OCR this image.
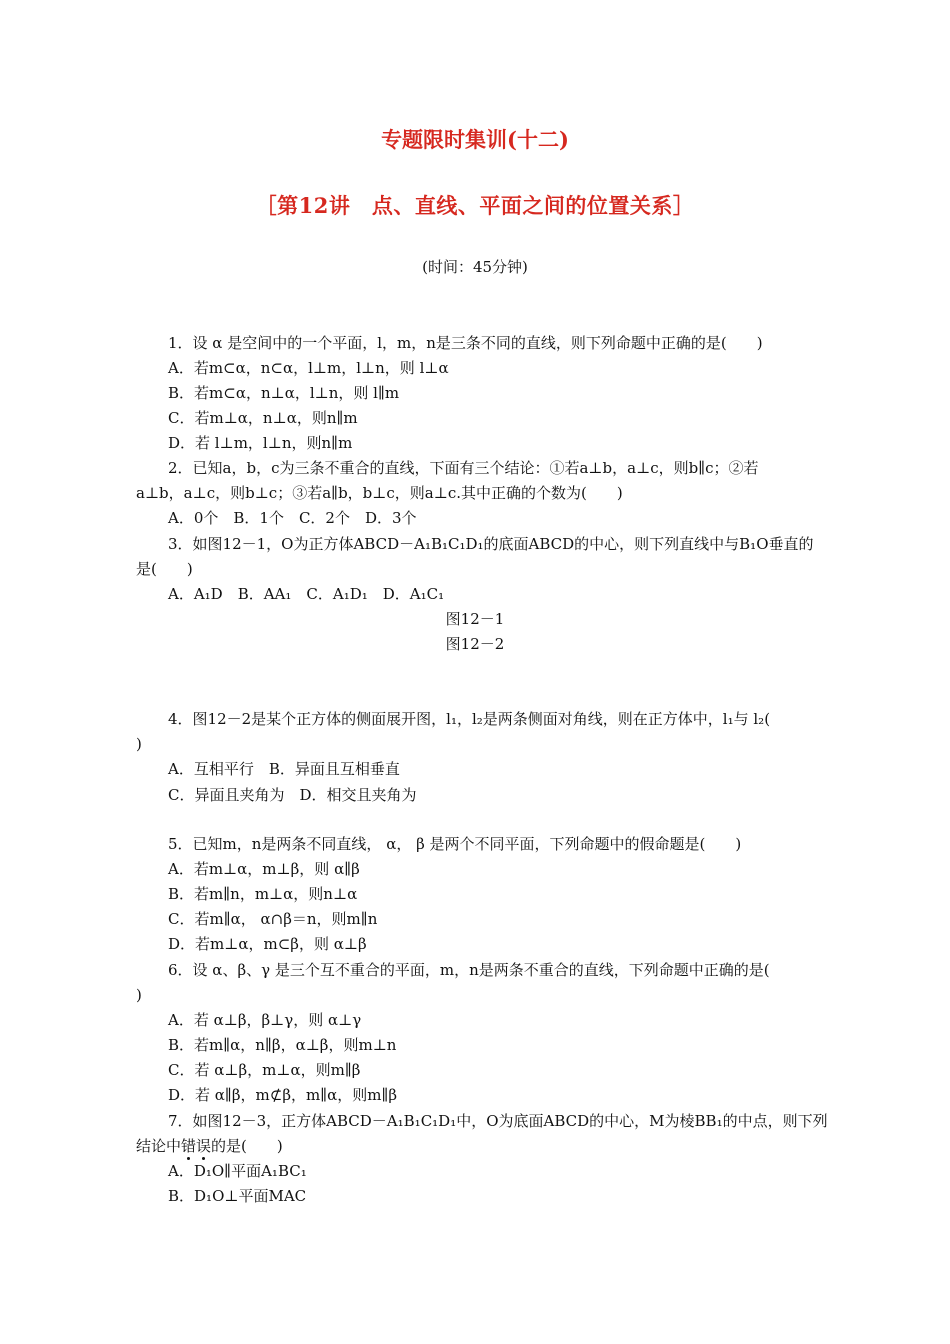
专题限时集训(十二)
［第12讲　点、直线、平面之间的位置关系］
(时间：45分钟)
1．设 α 是空间中的一个平面，l，m，n是三条不同的直线，则下列命题中正确的是(　　)
A．若m⊂α，n⊂α，l⊥m，l⊥n，则 l⊥α
B．若m⊂α，n⊥α，l⊥n，则 l∥m
C．若m⊥α，n⊥α，则n∥m
D．若 l⊥m，l⊥n，则n∥m
2．已知a，b，c为三条不重合的直线，下面有三个结论：①若a⊥b，a⊥c，则b∥c；②若
a⊥b，a⊥c，则b⊥c；③若a∥b，b⊥c，则a⊥c.其中正确的个数为(　　)
A．0个　B．1个　C．2个　D．3个
3．如图12－1，O为正方体ABCD－A₁B₁C₁D₁的底面ABCD的中心，则下列直线中与B₁O垂直的
是(　　)
A．A₁D　B．AA₁　C．A₁D₁　D．A₁C₁
4．图12－2是某个正方体的侧面展开图，l₁，l₂是两条侧面对角线，则在正方体中，l₁与 l₂(
)
A．互相平行　B．异面且互相垂直
C．异面且夹角为　D．相交且夹角为
5．已知m，n是两条不同直线， α， β 是两个不同平面，下列命题中的假命题是(　　)
A．若m⊥α，m⊥β，则 α∥β
B．若m∥n，m⊥α，则n⊥α
C．若m∥α， α∩β＝n，则m∥n
D．若m⊥α，m⊂β，则 α⊥β
6．设 α、β、γ 是三个互不重合的平面，m，n是两条不重合的直线，下列命题中正确的是(
)
A．若 α⊥β，β⊥γ，则 α⊥γ
B．若m∥α，n∥β，α⊥β，则m⊥n
C．若 α⊥β，m⊥α，则m∥β
D．若 α∥β，m⊄β，m∥α，则m∥β
7．如图12－3，正方体ABCD－A₁B₁C₁D₁中，O为底面ABCD的中心，M为棱BB₁的中点，则下列
A．D₁O∥平面A₁BC₁
B．D₁O⊥平面MAC
图12－1
图12－2
结论中错误的是(　　)
